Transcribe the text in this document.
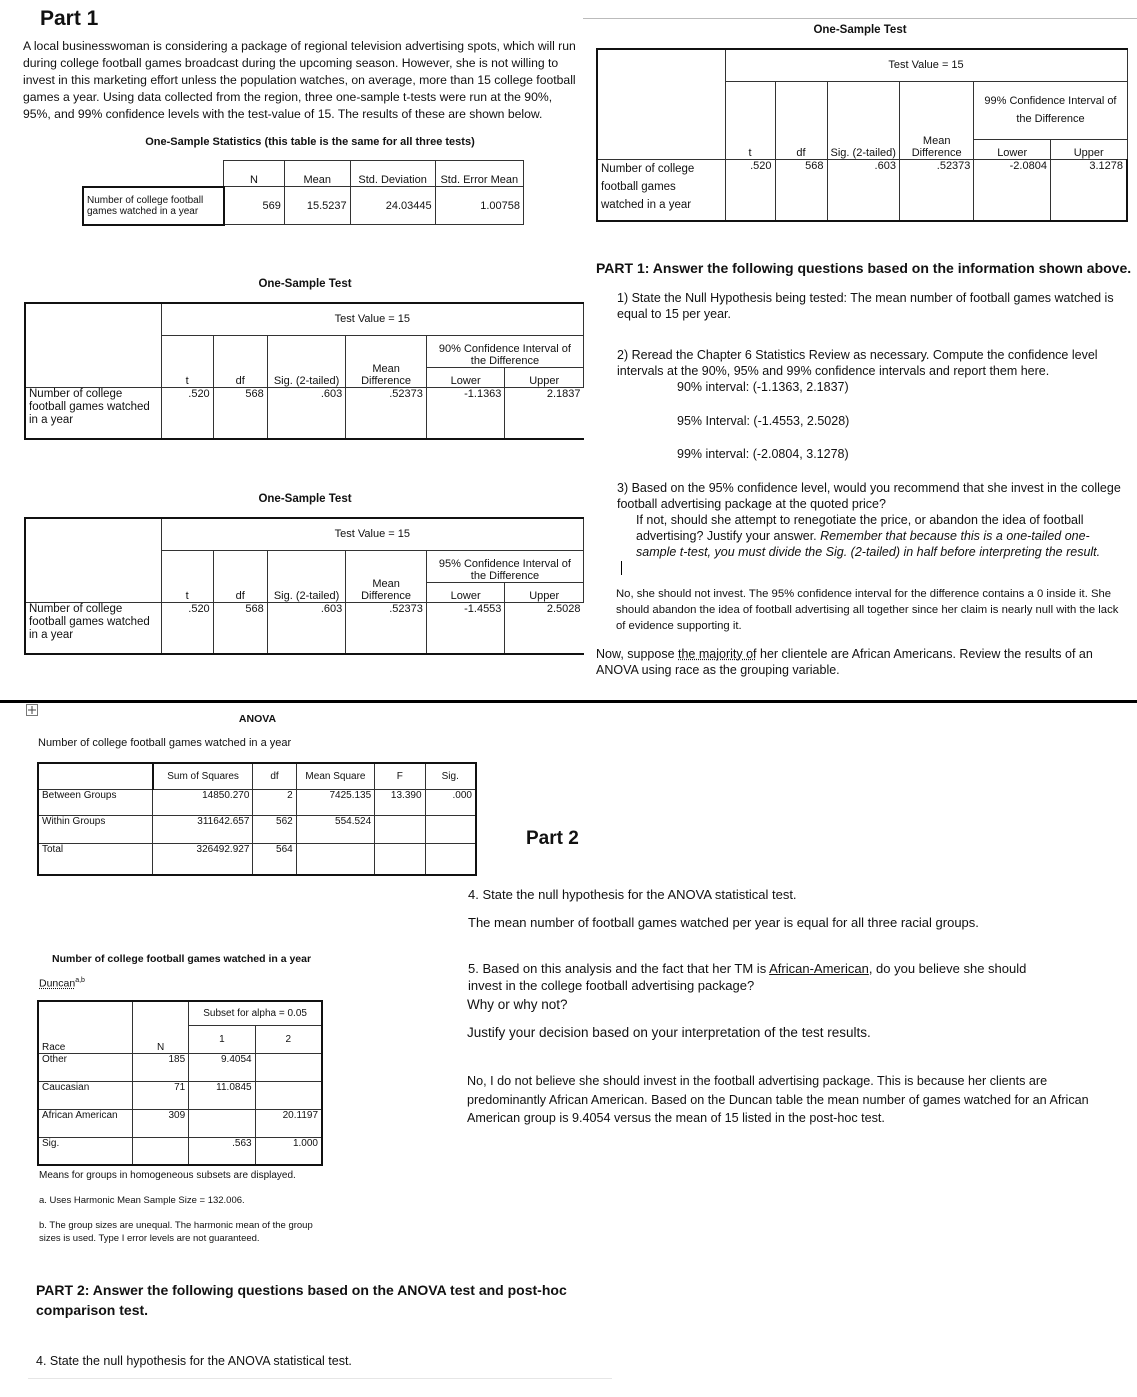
Part 1
A local businesswoman is considering a package of regional television advertising spots, which will run during college football games broadcast during the upcoming season. However, she is not willing to invest in this marketing effort unless the population watches, on average, more than 15 college football games a year. Using data collected from the region, three one-sample t-tests were run at the 90%, 95%, and 99% confidence levels with the test-value of 15. The results of these are shown below.
One-Sample Statistics (this table is the same for all three tests)
	N	Mean	Std. Deviation	Std. Error Mean
Number of college football games watched in a year	569	15.5237	24.03445	1.00758
One-Sample Test
	Test Value = 15					
	t	df	Sig. (2-tailed)	Mean Difference	90% Confidence Interval of the Difference	
					Lower	Upper
Number of college football games watched in a year	.520	568	.603	.52373	-1.1363	2.1837
One-Sample Test
	Test Value = 15					
	t	df	Sig. (2-tailed)	Mean Difference	95% Confidence Interval of the Difference	
					Lower	Upper
Number of college football games watched in a year	.520	568	.603	.52373	-1.4553	2.5028
One-Sample Test
	Test Value = 15					
	t	df	Sig. (2-tailed)	Mean Difference	99% Confidence Interval of the Difference	
					Lower	Upper
Number of college football games watched in a year	.520	568	.603	.52373	-2.0804	3.1278
PART 1: Answer the following questions based on the information shown above.
1) State the Null Hypothesis being tested: The mean number of football games watched is equal to 15 per year.
2) Reread the Chapter 6 Statistics Review as necessary. Compute the confidence level intervals at the 90%, 95% and 99% confidence intervals and report them here.
90% interval: (-1.1363, 2.1837)
95% Interval: (-1.4553, 2.5028)
99% interval: (-2.0804, 3.1278)
3) Based on the 95% confidence level, would you recommend that she invest in the college football advertising package at the quoted price?
If not, should she attempt to renegotiate the price, or abandon the idea of football advertising? Justify your answer. Remember that because this is a one-tailed one-sample t-test, you must divide the Sig. (2-tailed) in half before interpreting the result.
No, she should not invest. The 95% confidence interval for the difference contains a 0 inside it. She should abandon the idea of football advertising all together since her claim is nearly null with the lack of evidence supporting it.
Now, suppose the majority of her clientele are African Americans. Review the results of an ANOVA using race as the grouping variable.
ANOVA
Number of college football games watched in a year
	Sum of Squares	df	Mean Square	F	Sig.
Between Groups	14850.270	2	7425.135	13.390	.000
Within Groups	311642.657	562	554.524		
Total	326492.927	564			
Number of college football games watched in a year
Duncan$^{a,b}$
Race	N	Subset for alpha = 0.05	
		1	2
Other	185	9.4054	
Caucasian	71	11.0845	
African American	309		20.1197
Sig.		.563	1.000
Means for groups in homogeneous subsets are displayed.
a. Uses Harmonic Mean Sample Size = 132.006.
b. The group sizes are unequal. The harmonic mean of the group sizes is used. Type I error levels are not guaranteed.
Part 2
4. State the null hypothesis for the ANOVA statistical test.
The mean number of football games watched per year is equal for all three racial groups.
5. Based on this analysis and the fact that her TM is African-American, do you believe she should invest in the college football advertising package?
Why or why not?
Justify your decision based on your interpretation of the test results.
No, I do not believe she should invest in the football advertising package. This is because her clients are predominantly African American. Based on the Duncan table the mean number of games watched for an African American group is 9.4054 versus the mean of 15 listed in the post-hoc test.
PART 2: Answer the following questions based on the ANOVA test and post-hoc comparison test.
4. State the null hypothesis for the ANOVA statistical test.
